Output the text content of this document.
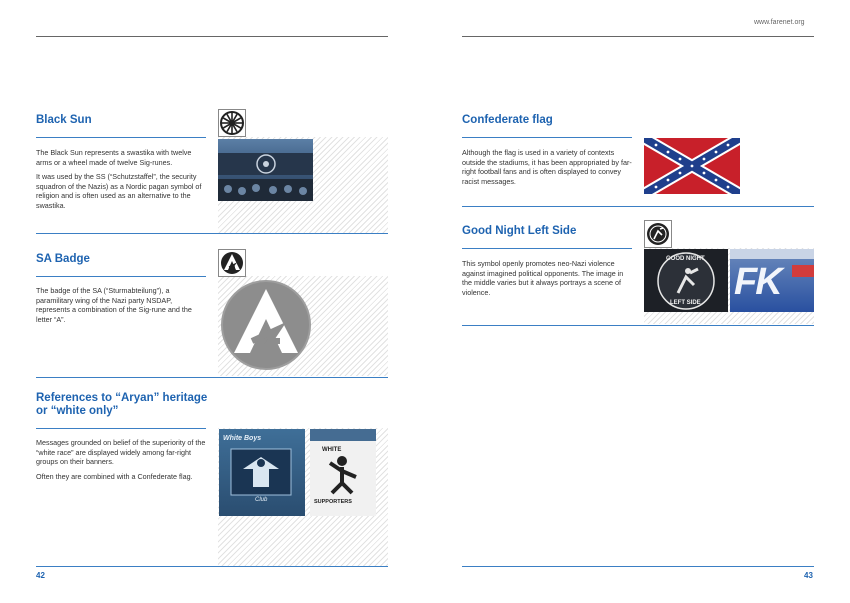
www.farenet.org
Black Sun

The Black Sun represents a swastika with twelve arms or a wheel made of twelve Sig-runes.

It was used by the SS (“Schutzstaffel”, the security squadron of the Nazis) as a Nordic pagan symbol of religion and is often used as an alternative to the swastika.

SA Badge

The badge of the SA (“Sturmabteilung”), a paramilitary wing of the Nazi party NSDAP, represents a combination of the Sig-rune and the letter “A”.

References to “Aryan” heritage
or “white only”

Messages grounded on belief of the superiority of the “white race” are displayed widely among far-right groups on their banners.

Often they are combined with a Confederate flag.

White Boys
Club
WHITE
SUPPORTERS
42
Confederate flag

Although the flag is used in a variety of contexts outside the stadiums, it has been appropriated by far-right football fans and is often displayed to convey racist messages.

Good Night Left Side

This symbol openly promotes neo-Nazi violence against imagined political opponents. The image in the middle varies but it always portrays a scene of violence.

GOOD NIGHT
LEFT SIDE FK
43
